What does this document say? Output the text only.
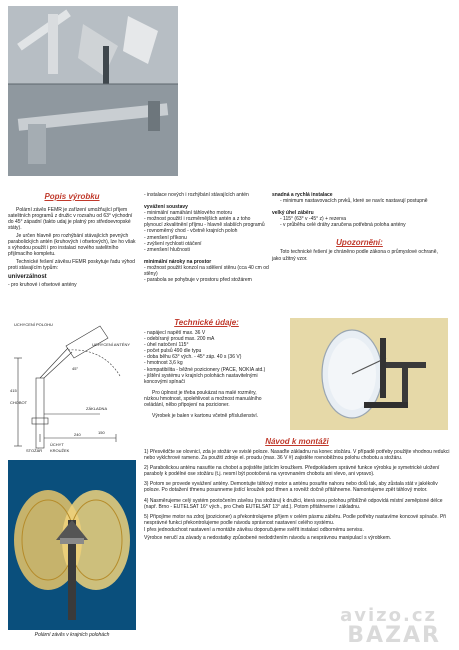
Popis výrobku

Polární závěs FEMR je zařízení umožňující příjem satelitních programů z družic v rozsahu od 63° východní do 45° západní (takto udaj je platný pro středoevropské státy).

Je určen hlavně pro rozhýbání stávajících pevných parabolických antén (kruhových i ofsetových), lze ho však s výhodou použít i pro instalaci nového satelitního přijímacího kompletu.

Technické řešení závěsu FEMR poskytuje řadu výhod proti stávajícím typům:

univerzálnost

- pro kruhové i ofsetové antény

- instalace nových i rozhýbání stávajících antén
vyvážení soustavy
- minimální namáhání táhlového motoru
- možnost použití i rozměrnějších antén a z toho plynoucí zkvalitnění příjmu - hlavně slabších programů
- rovnoměrný chod - včetně krajních poloh
- zmenšení příkonu
- zvýšení rychlosti otáčení
- zmenšení hlučnosti
minimální nároky na prostor
- možnost použití konzol na sdělení stěnu (cca 40 cm od stěny)
- parabola se pohybuje v prostoru před stožárem
snadná a rychlá instalace
- minimum nastavovacích prvků, které se navíc nastavují postupně
velký úhel záběru
- 115° (63° v -45° z) + rezerva
- v průběhu celé dráhy zaručena potřebná poloha antény
Upozornění:
Toto technické řešení je chráněno podle zákona o průmyslové ochraně, jako užitný vzor.
UCHYCENÍ POLOHU
UCHYCENÍ ANTÉNY
CHOBOT
ZÁKLADNA
STOŽÁR
ÚCHYT KROUŽEK
415
240
45°
150
Technické údaje:
- napájecí napětí max. 36 V
- odebíraný proud max. 200 mA
- úhel natočení 115°
- počet pulsů 490 dle typu
- doba běhu 63° vých. - 45° záp. 40 s (36 V)
- hmotnost 3,6 kg
- kompatibilita - běžné pozicionery (PACE, NOKIA atd.)
- jištění systému v krajních polohách nastavitelnými koncovými spínači
Pro úplnost je třeba poukázat na malé rozměry, nízkou hmotnost, spolehlivost a možnost manuálního ovládání, něbo připojení na pozicioner.
Výrobek je balen v kartonu včetně příslušenství.
Polární závěs v krajních polohách
Návod k montáži

1) Přesvědčte se olovnicí, zda je stožár ve svislé poloze. Nasaďte základnu na konec stožáru. V případě potřeby použijte vhodnou redukci nebo vyklchrové rameno. Za použití zdroje el. proudu (max. 36 V #) zajistěte rovnoběžnou polohu chobotu a stožáru.

2) Parabolickou anténu nasuňte na chobot a pojistěte jistícím kroužkem. Předpokladem správné funkce výrobku je symetrické uložení paraboly k podélné ose stožáru (t.j. nesmí být pootočená na vyrovnaném chobotu ani vlevo, ani vpravo).

3) Potom se provede vyvážení antény. Demontujte táhlový motor a anténu posuňte nahoru nebo dolů tak, aby zůstala stát v jakékoliv poloze. Po dotažení třmenu posunneme jistící kroužek pod třmen a rovněž dočně přitáhneme. Namontujeme zpět táhlový motor.

4) Nasměrujeme celý systém pootočením závěsu (na stožáru) k družici, která svou polohou příblížně odpovídá místní zeměpisné délce (např. Brno - EUTELSAT 16° vých., pro Cheb EUTELSAT 13° atd.). Potom přitáhneme i základnu.

5) Připojíme motor na zdroj (pozicioner) a překontrolujeme příjem v celém pásmu záběru. Podle potřeby nastavíme koncové spínače. Při nesprávné funkci překontrolujeme podle návodu správnost nastavení celého systému.

I přes jednoduchost nastavení a montáže závěsu doporučujeme svěřit instalaci odbornému servisu.

Výrobce neručí za závady a nedostatky způsobené nedodržením návodu a nesprávnou manipulací s výrobkem.

avizo.cz
BAZAR
